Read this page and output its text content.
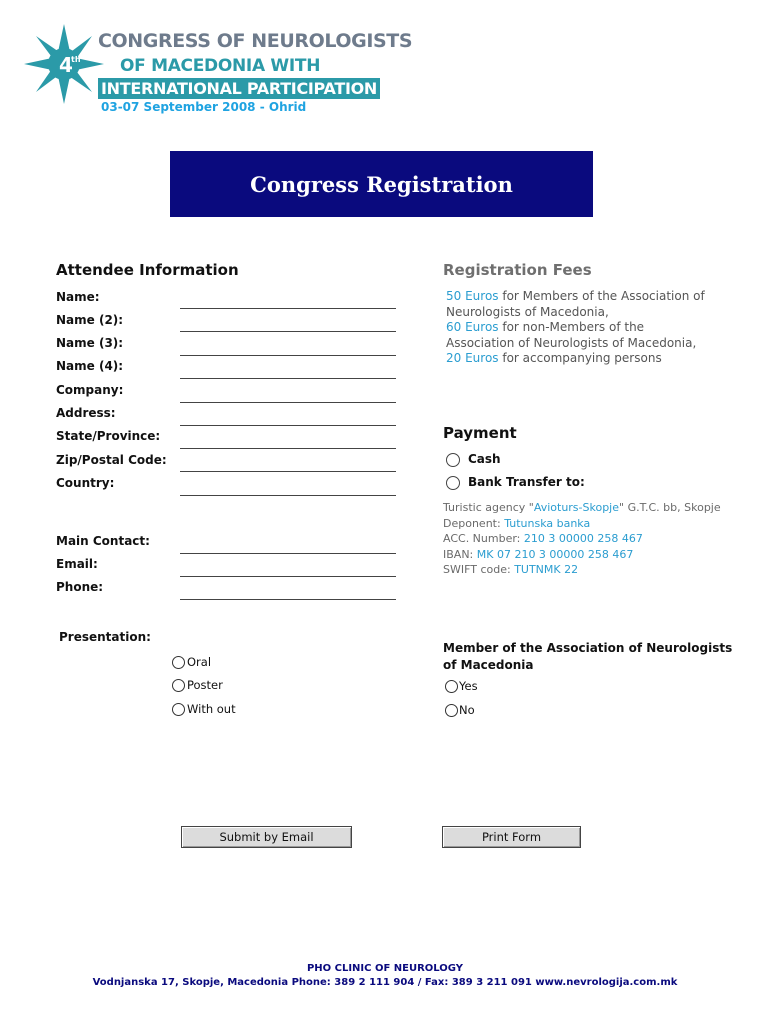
4
th
CONGRESS OF NEUROLOGISTS
OF MACEDONIA WITH
INTERNATIONAL PARTICIPATION
03-07 September 2008 - Ohrid
Congress Registration
Attendee Information
Name:
Name (2):
Name (3):
Name (4):
Company:
Address:
State/Province:
Zip/Postal Code:
Country:
Main Contact:
Email:
Phone:
Registration Fees
50 Euros for Members of the Association of Neurologists of Macedonia,
60 Euros for non-Members of the Association of Neurologists of Macedonia,
20 Euros for accompanying persons
Payment
Cash
Bank Transfer to:
Turistic agency "Avioturs-Skopje" G.T.C. bb, Skopje
Deponent: Tutunska banka
ACC. Number: 210 3 00000 258 467
IBAN: MK 07 210 3 00000 258 467
SWIFT code: TUTNMK 22
Presentation:
Oral
Poster
With out
Member of the Association of Neurologists
of Macedonia
Yes
No
Submit by Email	Print Form
PHO CLINIC OF NEUROLOGY
Vodnjanska 17, Skopje, Macedonia Phone: 389 2 111 904 / Fax: 389 3 211 091 www.nevrologija.com.mk
